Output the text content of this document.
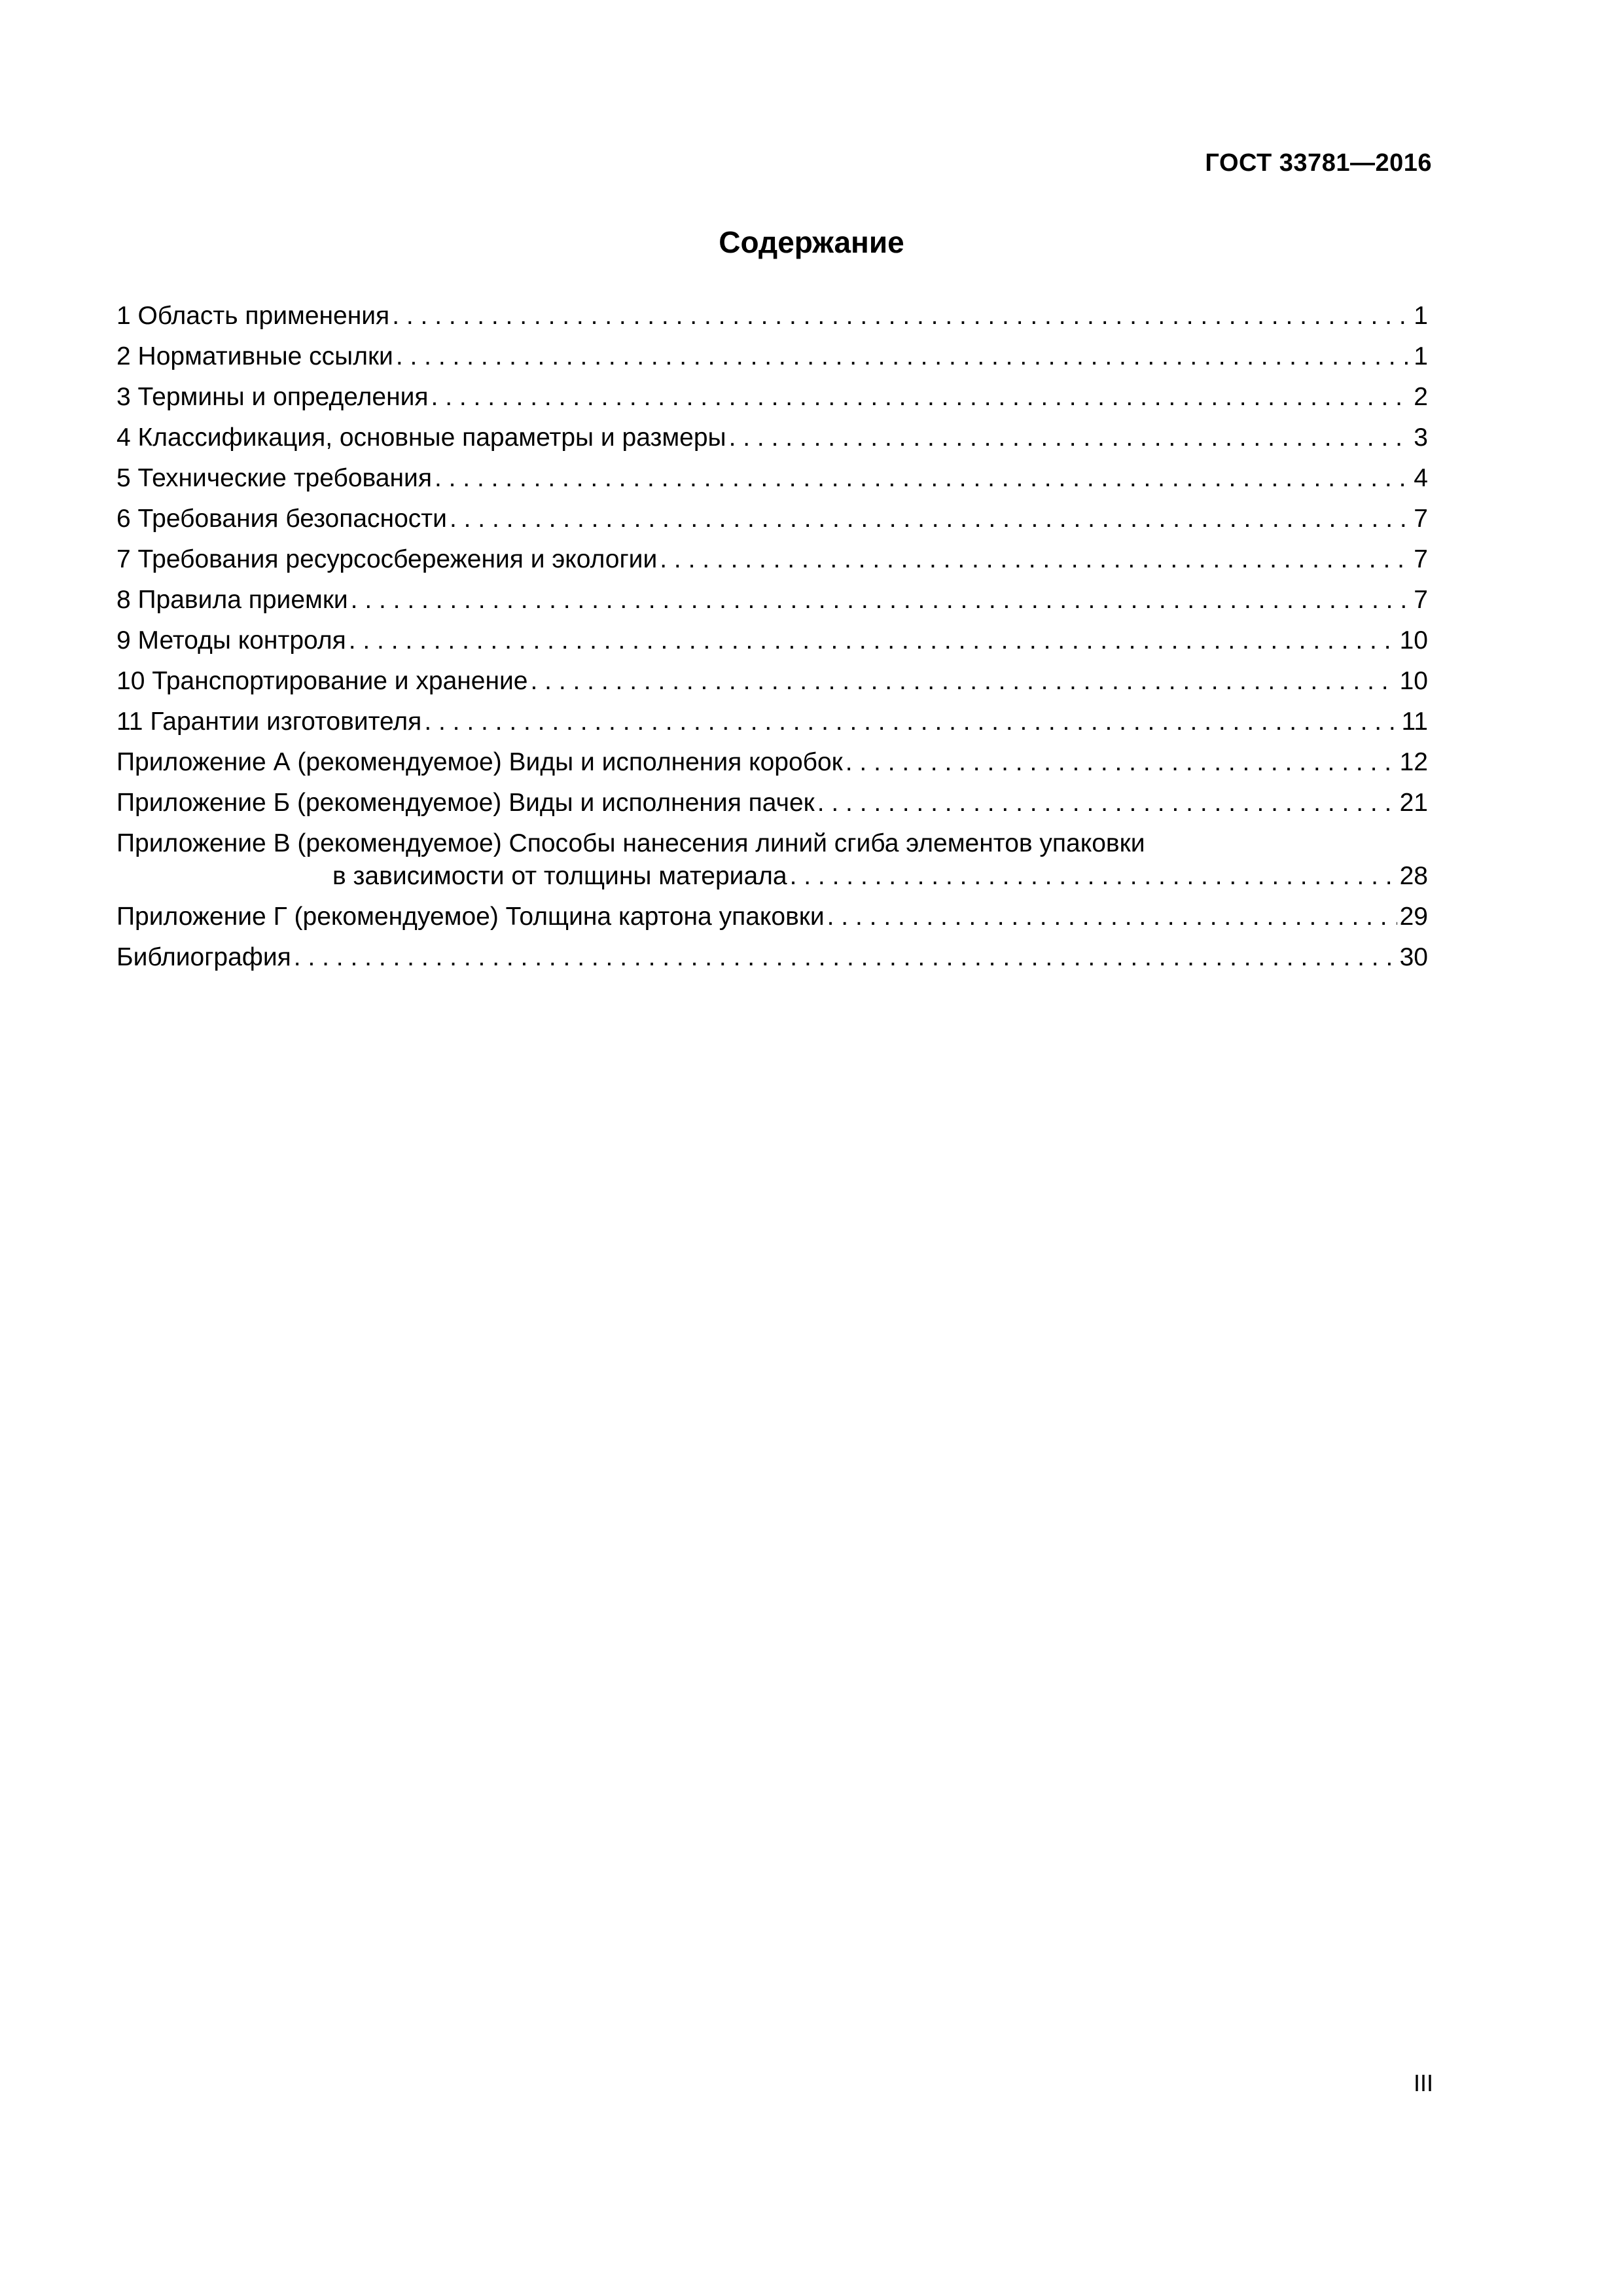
ГОСТ 33781—2016
Содержание
1 Область применения . . .	1
2 Нормативные ссылки . . .	1
3 Термины и определения . . .	2
4 Классификация, основные параметры и размеры . . .	3
5 Технические требования . . .	4
6 Требования безопасности . . .	7
7 Требования ресурсосбережения и экологии . . .	7
8 Правила приемки . . .	7
9 Методы контроля . . .	10
10 Транспортирование и хранение . . .	10
11 Гарантии изготовителя . . .	11
Приложение А (рекомендуемое) Виды и исполнения коробок . . .	12
Приложение Б (рекомендуемое) Виды и исполнения пачек . . .	21
Приложение В (рекомендуемое) Способы нанесения линий сгиба элементов упаковки
в зависимости от толщины материала . . .	28
Приложение Г (рекомендуемое) Толщина картона упаковки . . .	29
Библиография . . .	30
III
